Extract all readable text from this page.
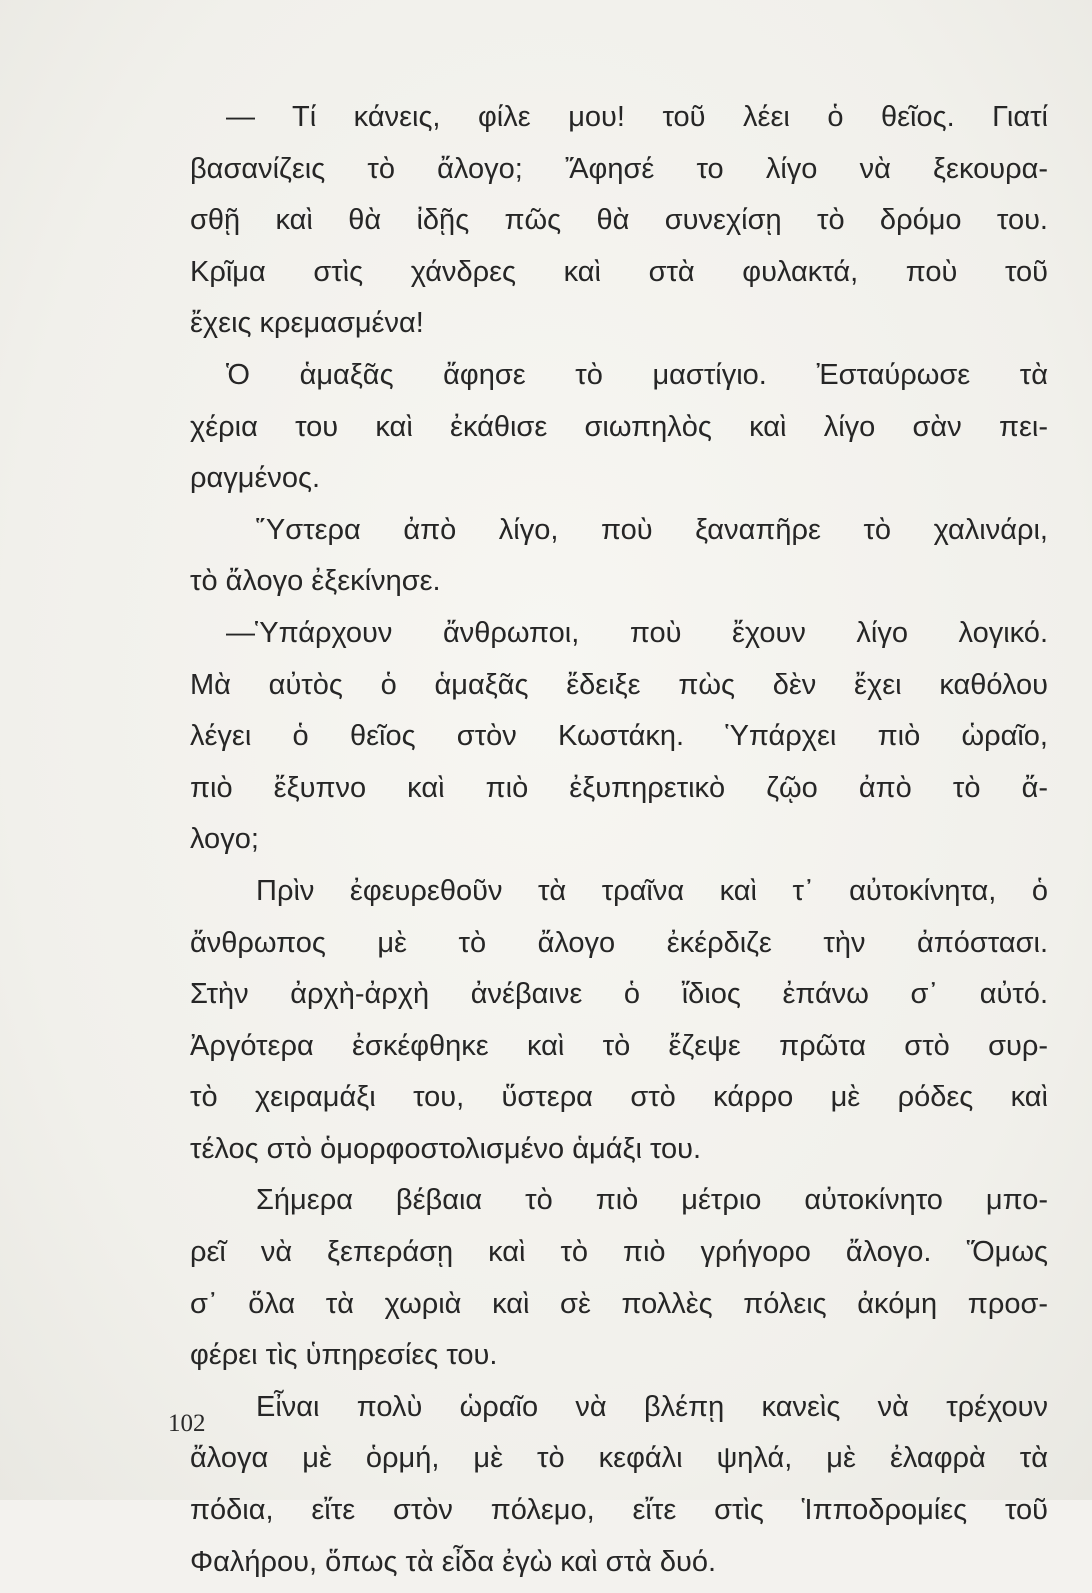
— Τί κάνεις, φίλε μου! τοῦ λέει ὁ θεῖος. Γιατί
βασανίζεις τὸ ἄλογο; Ἄφησέ το λίγο νὰ ξεκουρα-
σθῇ καὶ θὰ ἰδῇς πῶς θὰ συνεχίσῃ τὸ δρόμο του.
Κρῖμα στὶς χάνδρες καὶ στὰ φυλακτά, ποὺ τοῦ
ἔχεις κρεμασμένα!
Ὁ ἁμαξᾶς ἄφησε τὸ μαστίγιο. Ἐσταύρωσε τὰ
χέρια του καὶ ἐκάθισε σιωπηλὸς καὶ λίγο σὰν πει-
ραγμένος.
Ὕστερα ἀπὸ λίγο, ποὺ ξαναπῆρε τὸ χαλινάρι,
τὸ ἄλογο ἐξεκίνησε.
—Ὑπάρχουν ἄνθρωποι, ποὺ ἔχουν λίγο λογικό.
Μὰ αὐτὸς ὁ ἁμαξᾶς ἔδειξε πὼς δὲν ἔχει καθόλου
λέγει ὁ θεῖος στὸν Κωστάκη. Ὑπάρχει πιὸ ὡραῖο,
πιὸ ἔξυπνο καὶ πιὸ ἐξυπηρετικὸ ζῷο ἀπὸ τὸ ἄ-
λογο;
Πρὶν ἐφευρεθοῦν τὰ τραῖνα καὶ τ᾽ αὐτοκίνητα, ὁ
ἄνθρωπος μὲ τὸ ἄλογο ἐκέρδιζε τὴν ἀπόστασι.
Στὴν ἀρχὴ-ἀρχὴ ἀνέβαινε ὁ ἴδιος ἐπάνω σ᾽ αὐτό.
Ἀργότερα ἐσκέφθηκε καὶ τὸ ἔζεψε πρῶτα στὸ συρ-
τὸ χειραμάξι του, ὕστερα στὸ κάρρο μὲ ρόδες καὶ
τέλος στὸ ὁμορφοστολισμένο ἁμάξι του.
Σήμερα βέβαια τὸ πιὸ μέτριο αὐτοκίνητο μπο-
ρεῖ νὰ ξεπεράσῃ καὶ τὸ πιὸ γρήγορο ἄλογο. Ὅμως
σ᾽ ὅλα τὰ χωριὰ καὶ σὲ πολλὲς πόλεις ἀκόμη προσ-
φέρει τὶς ὑπηρεσίες του.
Εἶναι πολὺ ὡραῖο νὰ βλέπῃ κανεὶς νὰ τρέχουν
ἄλογα μὲ ὁρμή, μὲ τὸ κεφάλι ψηλά, μὲ ἐλαφρὰ τὰ
πόδια, εἴτε στὸν πόλεμο, εἴτε στὶς Ἱπποδρομίες τοῦ
Φαλήρου, ὅπως τὰ εἶδα ἐγὼ καὶ στὰ δυό.
102
